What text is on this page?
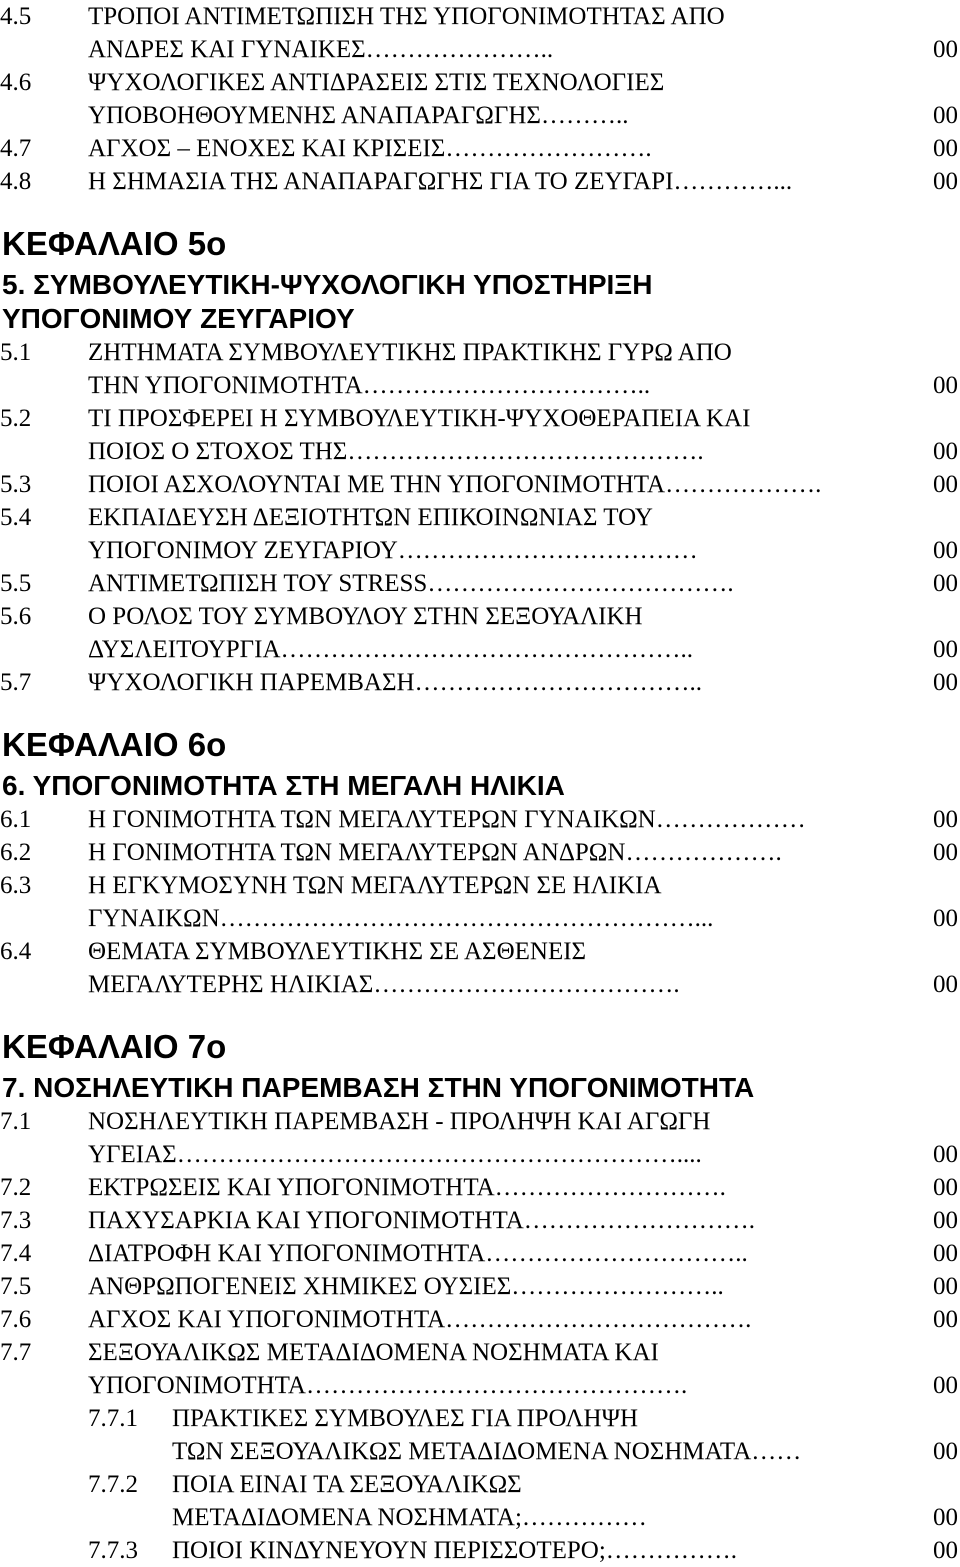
4.5 ΤΡΟΠΟΙ ΑΝΤΙΜΕΤΩΠΙΣΗ ΤΗΣ ΥΠΟΓΟΝΙΜΟΤΗΤΑΣ ΑΠΟ
ΑΝΔΡΕΣ ΚΑΙ ΓΥΝΑΙΚΕΣ…………………..	00
4.6 ΨΥΧΟΛΟΓΙΚΕΣ ΑΝΤΙΔΡΑΣΕΙΣ ΣΤΙΣ ΤΕΧΝΟΛΟΓΙΕΣ
ΥΠΟΒΟΗΘΟΥΜΕΝΗΣ ΑΝΑΠΑΡΑΓΩΓΗΣ………..	00
4.7 ΑΓΧΟΣ – ΕΝΟΧΕΣ ΚΑΙ ΚΡΙΣΕΙΣ…………………….	00
4.8 Η ΣΗΜΑΣΙΑ ΤΗΣ ΑΝΑΠΑΡΑΓΩΓΗΣ ΓΙΑ ΤΟ ΖΕΥΓΑΡΙ…………...	00
ΚΕΦΑΛΑΙΟ 5ο
5. ΣΥΜΒΟΥΛΕΥΤΙΚΗ-ΨΥΧΟΛΟΓΙΚΗ ΥΠΟΣΤΗΡΙΞΗ
ΥΠΟΓΟΝΙΜΟΥ ΖΕΥΓΑΡΙΟΥ
5.1 ΖΗΤΗΜΑΤΑ ΣΥΜΒΟΥΛΕΥΤΙΚΗΣ ΠΡΑΚΤΙΚΗΣ ΓΥΡΩ ΑΠΟ
ΤΗΝ ΥΠΟΓΟΝΙΜΟΤΗΤΑ……………………………..	00
5.2 ΤΙ ΠΡΟΣΦΕΡΕΙ Η ΣΥΜΒΟΥΛΕΥΤΙΚΗ-ΨΥΧΟΘΕΡΑΠΕΙΑ ΚΑΙ
ΠΟΙΟΣ Ο ΣΤΟΧΟΣ ΤΗΣ…………………………………….	00
5.3 ΠΟΙΟΙ ΑΣΧΟΛΟΥΝΤΑΙ ΜΕ ΤΗΝ ΥΠΟΓΟΝΙΜΟΤΗΤΑ……………….	00
5.4 ΕΚΠΑΙΔΕΥΣΗ ΔΕΞΙΟΤΗΤΩΝ ΕΠΙΚΟΙΝΩΝΙΑΣ ΤΟΥ
ΥΠΟΓΟΝΙΜΟΥ ΖΕΥΓΑΡΙΟΥ………………………………	00
5.5 ΑΝΤΙΜΕΤΩΠΙΣΗ ΤΟΥ STRESS……………………………….	00
5.6 Ο ΡΟΛΟΣ ΤΟΥ ΣΥΜΒΟΥΛΟΥ ΣΤΗΝ ΣΕΞΟΥΑΛΙΚΗ
ΔΥΣΛΕΙΤΟΥΡΓΙΑ…………………………………………..	00
5.7 ΨΥΧΟΛΟΓΙΚΗ ΠΑΡΕΜΒΑΣΗ……………………………..	00
ΚΕΦΑΛΑΙΟ 6ο
6. ΥΠΟΓΟΝΙΜΟΤΗΤΑ ΣΤΗ ΜΕΓΑΛΗ ΗΛΙΚΙΑ
6.1 Η ΓΟΝΙΜΟΤΗΤΑ ΤΩΝ ΜΕΓΑΛΥΤΕΡΩΝ ΓΥΝΑΙΚΩΝ………………	00
6.2 Η ΓΟΝΙΜΟΤΗΤΑ ΤΩΝ ΜΕΓΑΛΥΤΕΡΩΝ ΑΝΔΡΩΝ……………….	00
6.3 Η ΕΓΚΥΜΟΣΥΝΗ ΤΩΝ ΜΕΓΑΛΥΤΕΡΩΝ ΣΕ ΗΛΙΚΙΑ
ΓΥΝΑΙΚΩΝ…………………………………………………...	00
6.4 ΘΕΜΑΤΑ ΣΥΜΒΟΥΛΕΥΤΙΚΗΣ ΣΕ ΑΣΘΕΝΕΙΣ
ΜΕΓΑΛΥΤΕΡΗΣ ΗΛΙΚΙΑΣ……………………………….	00
ΚΕΦΑΛΑΙΟ 7ο
7. ΝΟΣΗΛΕΥΤΙΚΗ ΠΑΡΕΜΒΑΣΗ ΣΤΗΝ ΥΠΟΓΟΝΙΜΟΤΗΤΑ
7.1 ΝΟΣΗΛΕΥΤΙΚΗ ΠΑΡΕΜΒΑΣΗ - ΠΡΟΛΗΨΗ ΚΑΙ ΑΓΩΓΗ
ΥΓΕΙΑΣ……………………………………………………....	00
7.2 ΕΚΤΡΩΣΕΙΣ ΚΑΙ ΥΠΟΓΟΝΙΜΟΤΗΤΑ……………………….	00
7.3 ΠΑΧΥΣΑΡΚΙΑ ΚΑΙ ΥΠΟΓΟΝΙΜΟΤΗΤΑ……………………….	00
7.4 ΔΙΑΤΡΟΦΗ ΚΑΙ ΥΠΟΓΟΝΙΜΟΤΗΤΑ…………………………..	00
7.5 ΑΝΘΡΩΠΟΓΕΝΕΙΣ ΧΗΜΙΚΕΣ ΟΥΣΙΕΣ……………………..	00
7.6 ΑΓΧΟΣ ΚΑΙ ΥΠΟΓΟΝΙΜΟΤΗΤΑ……………………………….	00
7.7 ΣΕΞΟΥΑΛΙΚΩΣ ΜΕΤΑΔΙΔΟΜΕΝΑ ΝΟΣΗΜΑΤΑ ΚΑΙ
ΥΠΟΓΟΝΙΜΟΤΗΤΑ……………………………………….	00
7.7.1 ΠΡΑΚΤΙΚΕΣ ΣΥΜΒΟΥΛΕΣ ΓΙΑ ΠΡΟΛΗΨΗ
ΤΩΝ ΣΕΞΟΥΑΛΙΚΩΣ ΜΕΤΑΔΙΔΟΜΕΝΑ ΝΟΣΗΜΑΤΑ……	00
7.7.2 ΠΟΙΑ ΕΙΝΑΙ ΤΑ ΣΕΞΟΥΑΛΙΚΩΣ
ΜΕΤΑΔΙΔΟΜΕΝΑ ΝΟΣΗΜΑΤΑ;……………	00
7.7.3 ΠΟΙΟΙ ΚΙΝΔΥΝΕΥΟΥΝ ΠΕΡΙΣΣΟΤΕΡΟ;…………….	00
